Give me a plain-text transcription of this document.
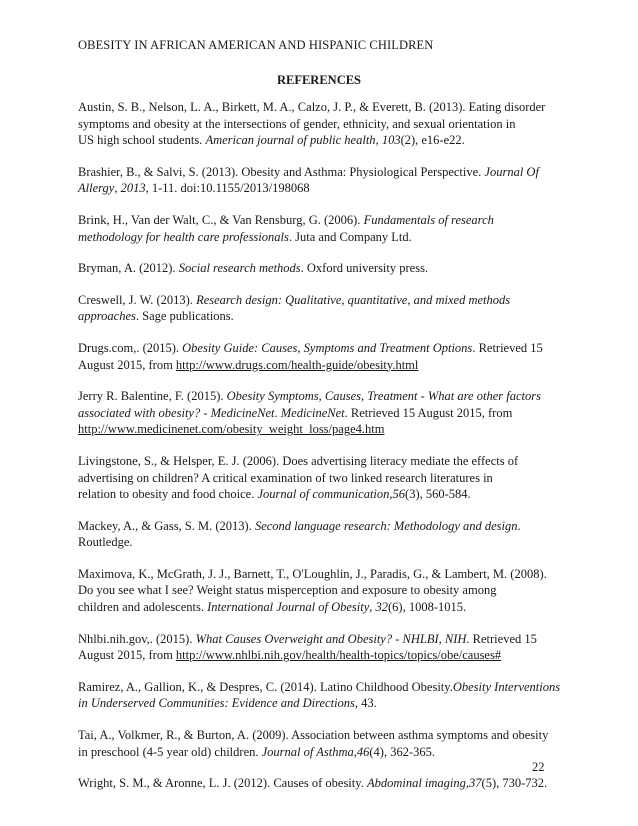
OBESITY IN AFRICAN AMERICAN AND HISPANIC CHILDREN
REFERENCES
Austin, S. B., Nelson, L. A., Birkett, M. A., Calzo, J. P., & Everett, B. (2013). Eating disorder
symptoms and obesity at the intersections of gender, ethnicity, and sexual orientation in
US high school students. American journal of public health, 103(2), e16-e22.
Brashier, B., & Salvi, S. (2013). Obesity and Asthma: Physiological Perspective. Journal Of
Allergy, 2013, 1-11. doi:10.1155/2013/198068
Brink, H., Van der Walt, C., & Van Rensburg, G. (2006). Fundamentals of research
methodology for health care professionals. Juta and Company Ltd.
Bryman, A. (2012). Social research methods. Oxford university press.
Creswell, J. W. (2013). Research design: Qualitative, quantitative, and mixed methods
approaches. Sage publications.
Drugs.com,. (2015). Obesity Guide: Causes, Symptoms and Treatment Options. Retrieved 15
August 2015, from http://www.drugs.com/health-guide/obesity.html
Jerry R. Balentine, F. (2015). Obesity Symptoms, Causes, Treatment - What are other factors
associated with obesity? - MedicineNet. MedicineNet. Retrieved 15 August 2015, from
http://www.medicinenet.com/obesity_weight_loss/page4.htm
Livingstone, S., & Helsper, E. J. (2006). Does advertising literacy mediate the effects of
advertising on children? A critical examination of two linked research literatures in
relation to obesity and food choice. Journal of communication,56(3), 560-584.
Mackey, A., & Gass, S. M. (2013). Second language research: Methodology and design.
Routledge.
Maximova, K., McGrath, J. J., Barnett, T., O'Loughlin, J., Paradis, G., & Lambert, M. (2008).
Do you see what I see? Weight status misperception and exposure to obesity among
children and adolescents. International Journal of Obesity, 32(6), 1008-1015.
Nhlbi.nih.gov,. (2015). What Causes Overweight and Obesity? - NHLBI, NIH. Retrieved 15
August 2015, from http://www.nhlbi.nih.gov/health/health-topics/topics/obe/causes#
Ramirez, A., Gallion, K., & Despres, C. (2014). Latino Childhood Obesity.Obesity Interventions
in Underserved Communities: Evidence and Directions, 43.
Tai, A., Volkmer, R., & Burton, A. (2009). Association between asthma symptoms and obesity
in preschool (4-5 year old) children. Journal of Asthma,46(4), 362-365.
Wright, S. M., & Aronne, L. J. (2012). Causes of obesity. Abdominal imaging,37(5), 730-732.
22
